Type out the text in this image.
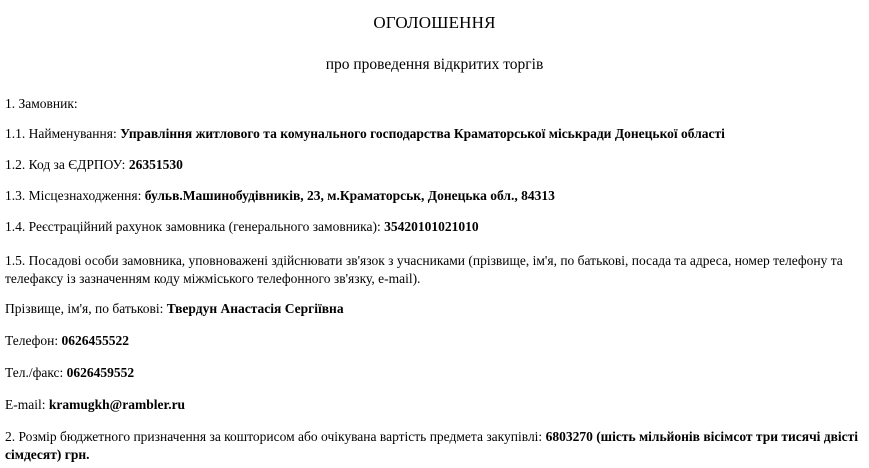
ОГОЛОШЕННЯ
про проведення відкритих торгів
1. Замовник:
1.1. Найменування: Управління житлового та комунального господарства Краматорської міськради Донецької області
1.2. Код за ЄДРПОУ: 26351530
1.3. Місцезнаходження: бульв.Машинобудівників, 23, м.Краматорськ, Донецька обл., 84313
1.4. Реєстраційний рахунок замовника (генерального замовника): 35420101021010
1.5. Посадові особи замовника, уповноважені здійснювати зв'язок з учасниками (прізвище, ім'я, по батькові, посада та адреса, номер телефону та телефаксу із зазначенням коду міжміського телефонного зв'язку, e-mail).
Прізвище, ім'я, по батькові: Твердун Анастасія Сергіївна
Телефон: 0626455522
Тел./факс: 0626459552
E-mail: kramugkh@rambler.ru
2. Розмір бюджетного призначення за кошторисом або очікувана вартість предмета закупівлі: 6803270 (шість мільйонів вісімсот три тисячі двісті сімдесят) грн.
